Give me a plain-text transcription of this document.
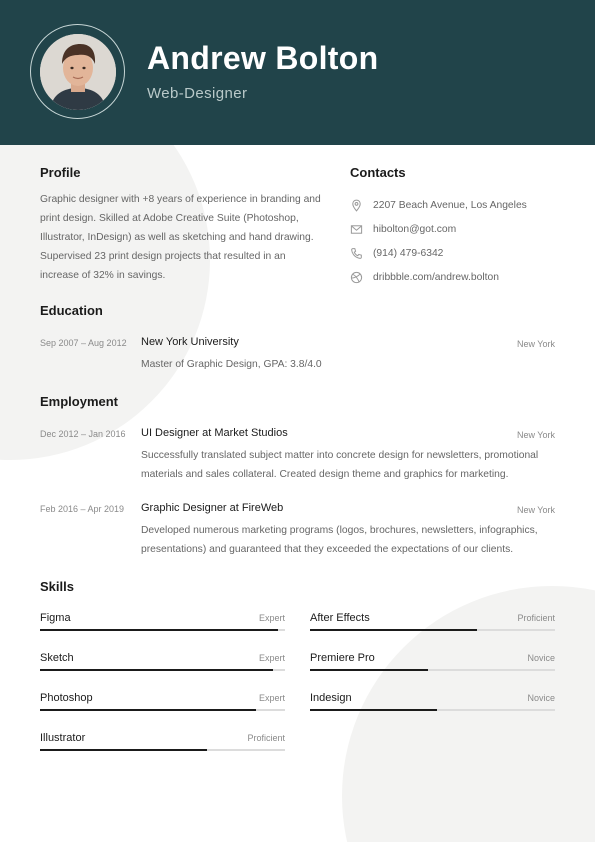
Andrew Bolton
Web-Designer
Profile
Graphic designer with +8 years of experience in branding and print design. Skilled at Adobe Creative Suite (Photoshop, Illustrator, InDesign) as well as sketching and hand drawing. Supervised 23 print design projects that resulted in an increase of 32% in savings.
Contacts
2207 Beach Avenue, Los Angeles
hibolton@got.com
(914) 479-6342
dribbble.com/andrew.bolton
Education
Sep 2007 – Aug 2012 New York University	New York
Master of Graphic Design, GPA: 3.8/4.0
Employment
Dec 2012 – Jan 2016 UI Designer at Market Studios	New York
Successfully translated subject matter into concrete design for newsletters, promotional materials and sales collateral. Created design theme and graphics for marketing.
Feb 2016 – Apr 2019 Graphic Designer at FireWeb	New York
Developed numerous marketing programs (logos, brochures, newsletters, infographics, presentations) and guaranteed that they exceeded the expectations of our clients.
Skills
Figma	Expert
Sketch	Expert
Photoshop	Expert
Illustrator	Proficient
After Effects	Proficient
Premiere Pro	Novice
Indesign	Novice
